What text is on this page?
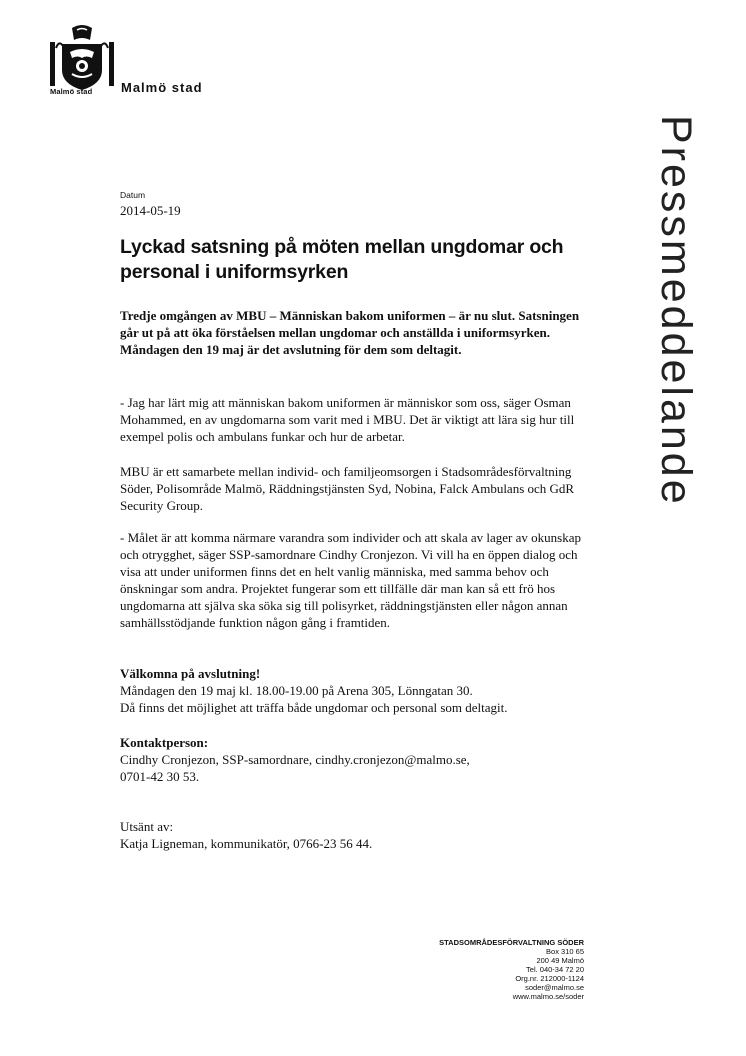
Malmö stad Malmö stad
Pressmeddelande
Datum
2014-05-19
Lyckad satsning på möten mellan ungdomar och personal i uniformsyrken

Tredje omgången av MBU – Människan bakom uniformen – är nu slut. Satsningen går ut på att öka förståelsen mellan ungdomar och anställda i uniformsyrken. Måndagen den 19 maj är det avslutning för dem som deltagit.

- Jag har lärt mig att människan bakom uniformen är människor som oss, säger Osman Mohammed, en av ungdomarna som varit med i MBU. Det är viktigt att lära sig hur till exempel polis och ambulans funkar och hur de arbetar.

MBU är ett samarbete mellan individ- och familjeomsorgen i Stadsområdesförvaltning Söder, Polisområde Malmö, Räddningstjänsten Syd, Nobina, Falck Ambulans och GdR Security Group.

- Målet är att komma närmare varandra som individer och att skala av lager av okunskap och otrygghet, säger SSP-samordnare Cindhy Cronjezon. Vi vill ha en öppen dialog och visa att under uniformen finns det en helt vanlig människa, med samma behov och önskningar som andra. Projektet fungerar som ett tillfälle där man kan så ett frö hos ungdomarna att själva ska söka sig till polisyrket, räddningstjänsten eller någon annan samhällsstödjande funktion någon gång i framtiden.

Välkomna på avslutning!
Måndagen den 19 maj kl. 18.00-19.00 på Arena 305, Lönngatan 30.
Då finns det möjlighet att träffa både ungdomar och personal som deltagit.
Kontaktperson:
Cindhy Cronjezon, SSP-samordnare, cindhy.cronjezon@malmo.se,
0701-42 30 53.
Utsänt av:
Katja Ligneman, kommunikatör, 0766-23 56 44.
STADSOMRÅDESFÖRVALTNING SÖDER
Box 310 65
200 49 Malmö
Tel. 040-34 72 20
Org.nr. 212000-1124
soder@malmo.se
www.malmo.se/soder
